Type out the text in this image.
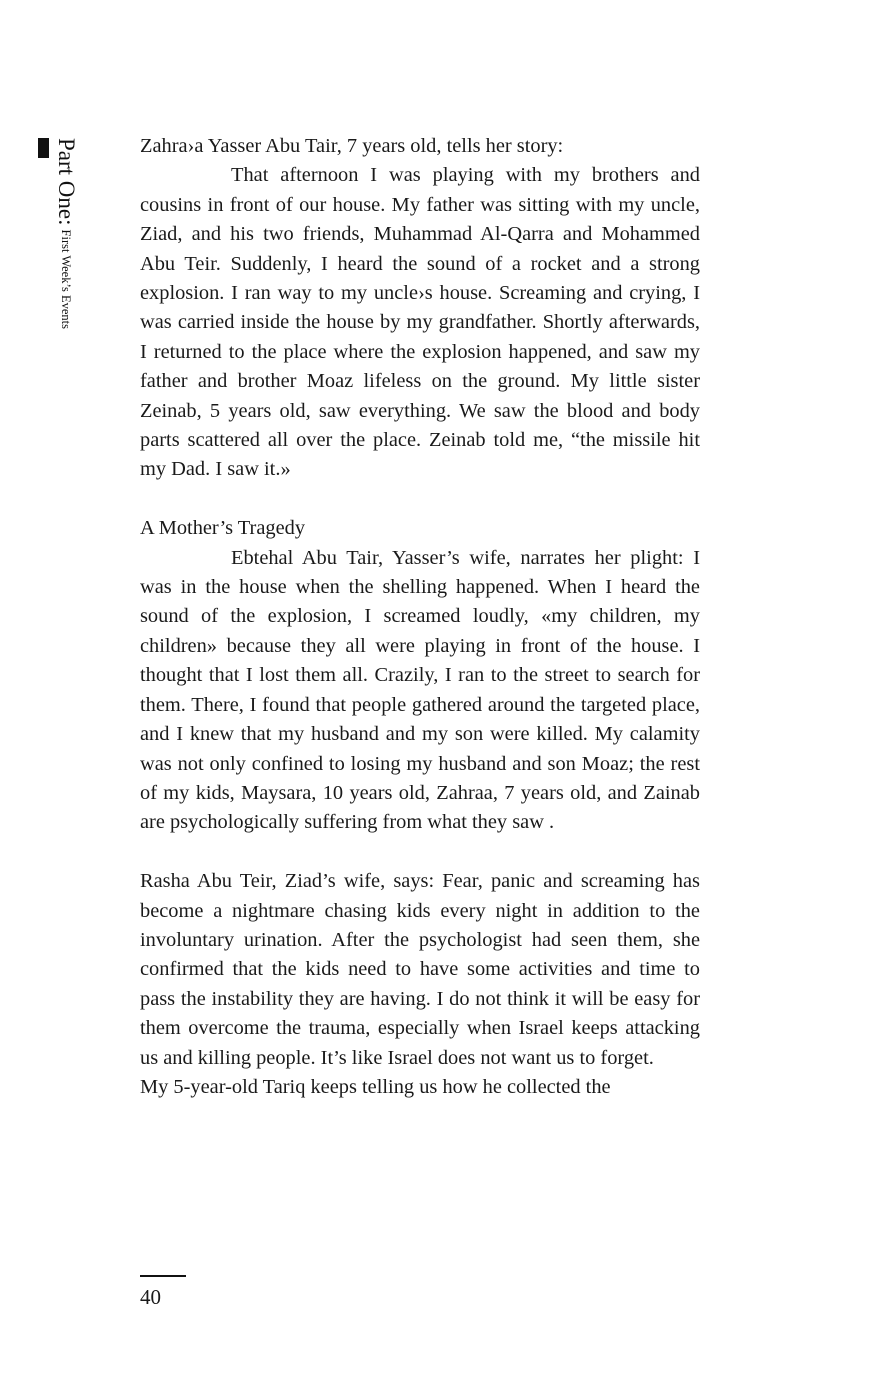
Part One: First Week’s Events

Zahra›a Yasser Abu Tair, 7 years old, tells her story:

That afternoon I was playing with my brothers and cousins in front of our house. My father was sitting with my uncle, Ziad, and his two friends, Muhammad Al-Qarra and Mohammed Abu Teir. Suddenly, I heard the sound of a rocket and a strong explosion. I ran way to my uncle›s house. Screaming and crying, I was carried inside the house by my grandfather. Shortly afterwards, I returned to the place where the explosion happened, and saw my father and brother Moaz lifeless on the ground. My little sister Zeinab, 5 years old, saw everything. We saw the blood and body parts scattered all over the place. Zeinab told me, “the missile hit my Dad. I saw it.»

A Mother’s Tragedy

Ebtehal Abu Tair, Yasser’s wife, narrates her plight: I was in the house when the shelling happened. When I heard the sound of the explosion, I screamed loudly, «my children, my children» because they all were playing in front of the house. I thought that I lost them all. Crazily, I ran to the street to search for them. There, I found that people gathered around the targeted place, and I knew that my husband and my son were killed. My calamity was not only confined to losing my husband and son Moaz; the rest of my kids, Maysara, 10 years old, Zahraa, 7 years old, and Zainab are psychologically suffering from what they saw .

Rasha Abu Teir, Ziad’s wife, says: Fear, panic and screaming has become a nightmare chasing kids every night in addition to the involuntary urination. After the psychologist had seen them, she confirmed that the kids need to have some activities and time to pass the instability they are having. I do not think it will be easy for them overcome the trauma, especially when Israel keeps attacking us and killing people. It’s like Israel does not want us to forget.

My 5-year-old Tariq keeps telling us how he collected the

40
